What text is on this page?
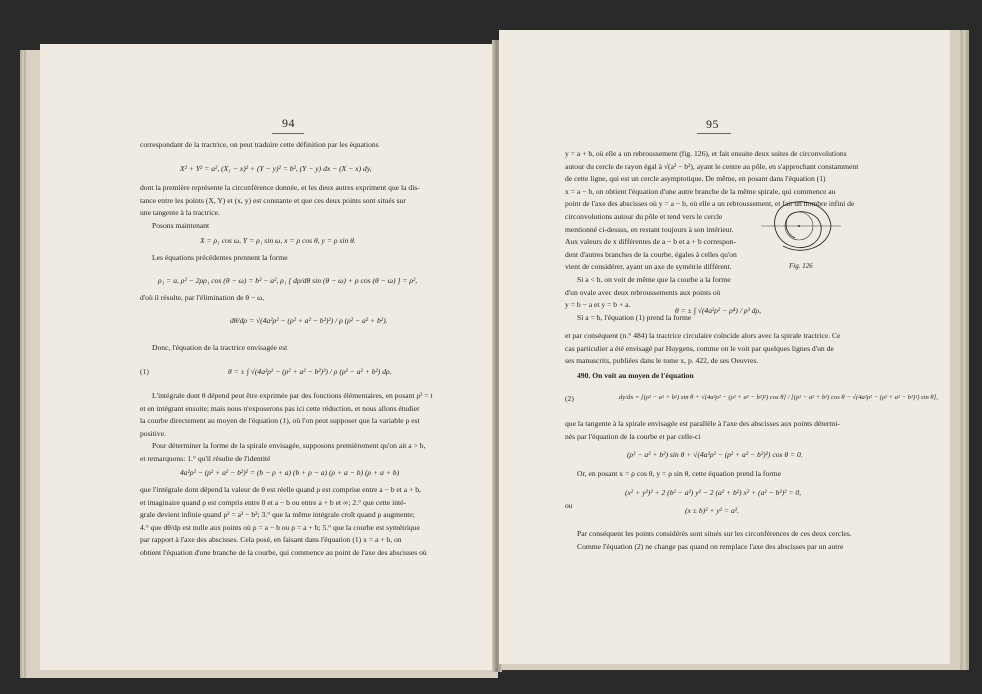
94
correspondant de la tractrice, on peut traduire cette définition par les équations
X² + Y² = a², (X₁ − x)² + (Y − y)² = b², (Y − y) dx − (X − x) dy,
dont la première représente la circonférence donnée, et les deux autres expriment que la dis-
tance entre les points (X, Y) et (x, y) est constante et que ces deux points sont situés sur
une tangente à la tractrice.
Posons maintenant
X = ρ₁ cos ω, Y = ρ₁ sin ω, x = ρ cos θ, y = ρ sin θ.
Les équations précédentes prennent la forme
ρ₁ = a, ρ² − 2ρρ₁ cos (θ − ω) = b² − a², ρ₁ [ dρ/dθ sin (θ − ω) + ρ cos (θ − ω) ] = ρ²,
d'où il résulte, par l'élimination de θ − ω,
dθ/dρ = √(4a²ρ² − (ρ² + a² − b²)²) / ρ (ρ² − a² + b²).
Donc, l'équation de la tractrice envisagée est
(1)	θ = ± ∫ √(4a²ρ² − (ρ² + a² − b²)²) / ρ (ρ² − a² + b²) dρ.
L'intégrale dont θ dépend peut être exprimée par des fonctions élémentaires, en posant ρ² = t
et en intégrant ensuite; mais nous n'exposerons pas ici cette réduction, et nous allons étudier
la courbe directement au moyen de l'équation (1), où l'on peut supposer que la variable ρ est
positive.
Pour déterminer la forme de la spirale envisagée, supposons premièrement qu'on ait a > b,
et remarquons: 1.° qu'il résulte de l'identité
4a²ρ² − (ρ² + a² − b²)² = (b − ρ + a) (b + ρ − a) (ρ + a − b) (ρ + a + b)
que l'intégrale dont dépend la valeur de θ est réelle quand ρ est comprise entre a − b et a + b,
et imaginaire quand ρ est compris entre 0 et a − b ou entre a + b et ∞; 2.° que cette inté-
grale devient infinie quand ρ² = a² − b²; 3.° que la même intégrale croît quand ρ augmente;
4.° que dθ/dρ est nulle aux points où ρ = a − b ou ρ = a + b; 5.° que la courbe est symétrique
par rapport à l'axe des abscisses. Cela posé, en faisant dans l'équation (1) x = a + b, on
obtient l'équation d'une branche de la courbe, qui commence au point de l'axe des abscisses où
95
y = a + b, où elle a un rebroussement (fig. 126), et fait ensuite deux suites de circonvolutions
autour du cercle de rayon égal à √(a² − b²), ayant le centre au pôle, en s'approchant constamment
de cette ligne, qui est un cercle asymptotique. De même, en posant dans l'équation (1)
x = a − b, on obtient l'équation d'une autre branche de la même spirale, qui commence au
point de l'axe des abscisses où y = a − b, où elle a un rebroussement, et fait un nombre infini de
circonvolutions autour du pôle et tend vers le cercle
mentionné ci-dessus, en restant toujours à son intérieur.
Aux valeurs de x différentes de a − b et a + b correspon-
dent d'autres branches de la courbe, égales à celles qu'on
vient de considérer, ayant un axe de symétrie différent.
Si a < b, on voit de même que la courbe a la forme
d'un ovale avec deux rebroussements aux points où
y = b − a et y = b + a.
Si a = b, l'équation (1) prend la forme
Fig. 126
θ = ± ∫ √(4a²ρ² − ρ⁴) / ρ³ dρ,
et par conséquent (n.° 484) la tractrice circulaire coïncide alors avec la spirale tractrice. Ce
cas particulier a été envisagé par Huygens, comme on le voit par quelques lignes d'un de
ses manuscrits, publiées dans le tome x, p. 422, de ses Oeuvres.
490. On voit au moyen de l'équation
(2)	dy/dx = [(ρ² − a² + b²) sin θ + √(4a²ρ² − (ρ² + a² − b²)²) cos θ] / [(ρ² − a² + b²) cos θ − √(4a²ρ² − (ρ² + a² − b²)²) sin θ],
que la tangente à la spirale envisagée est parallèle à l'axe des abscisses aux points détermi-
nés par l'équation de la courbe et par celle-ci
(ρ² − a² + b²) sin θ + √(4a²ρ² − (ρ² + a² − b²)²) cos θ = 0.
Or, en posant x = ρ cos θ, y = ρ sin θ, cette équation prend la forme
(x² + y²)² + 2 (b² − a²) y² − 2 (a² + b²) x² + (a² − b²)² = 0,
ou
(x ± b)² + y² = a².
Par conséquent les points considérés sont situés sur les circonférences de ces deux cercles.
Comme l'équation (2) ne change pas quand on remplace l'axe des abscisses par un autre
